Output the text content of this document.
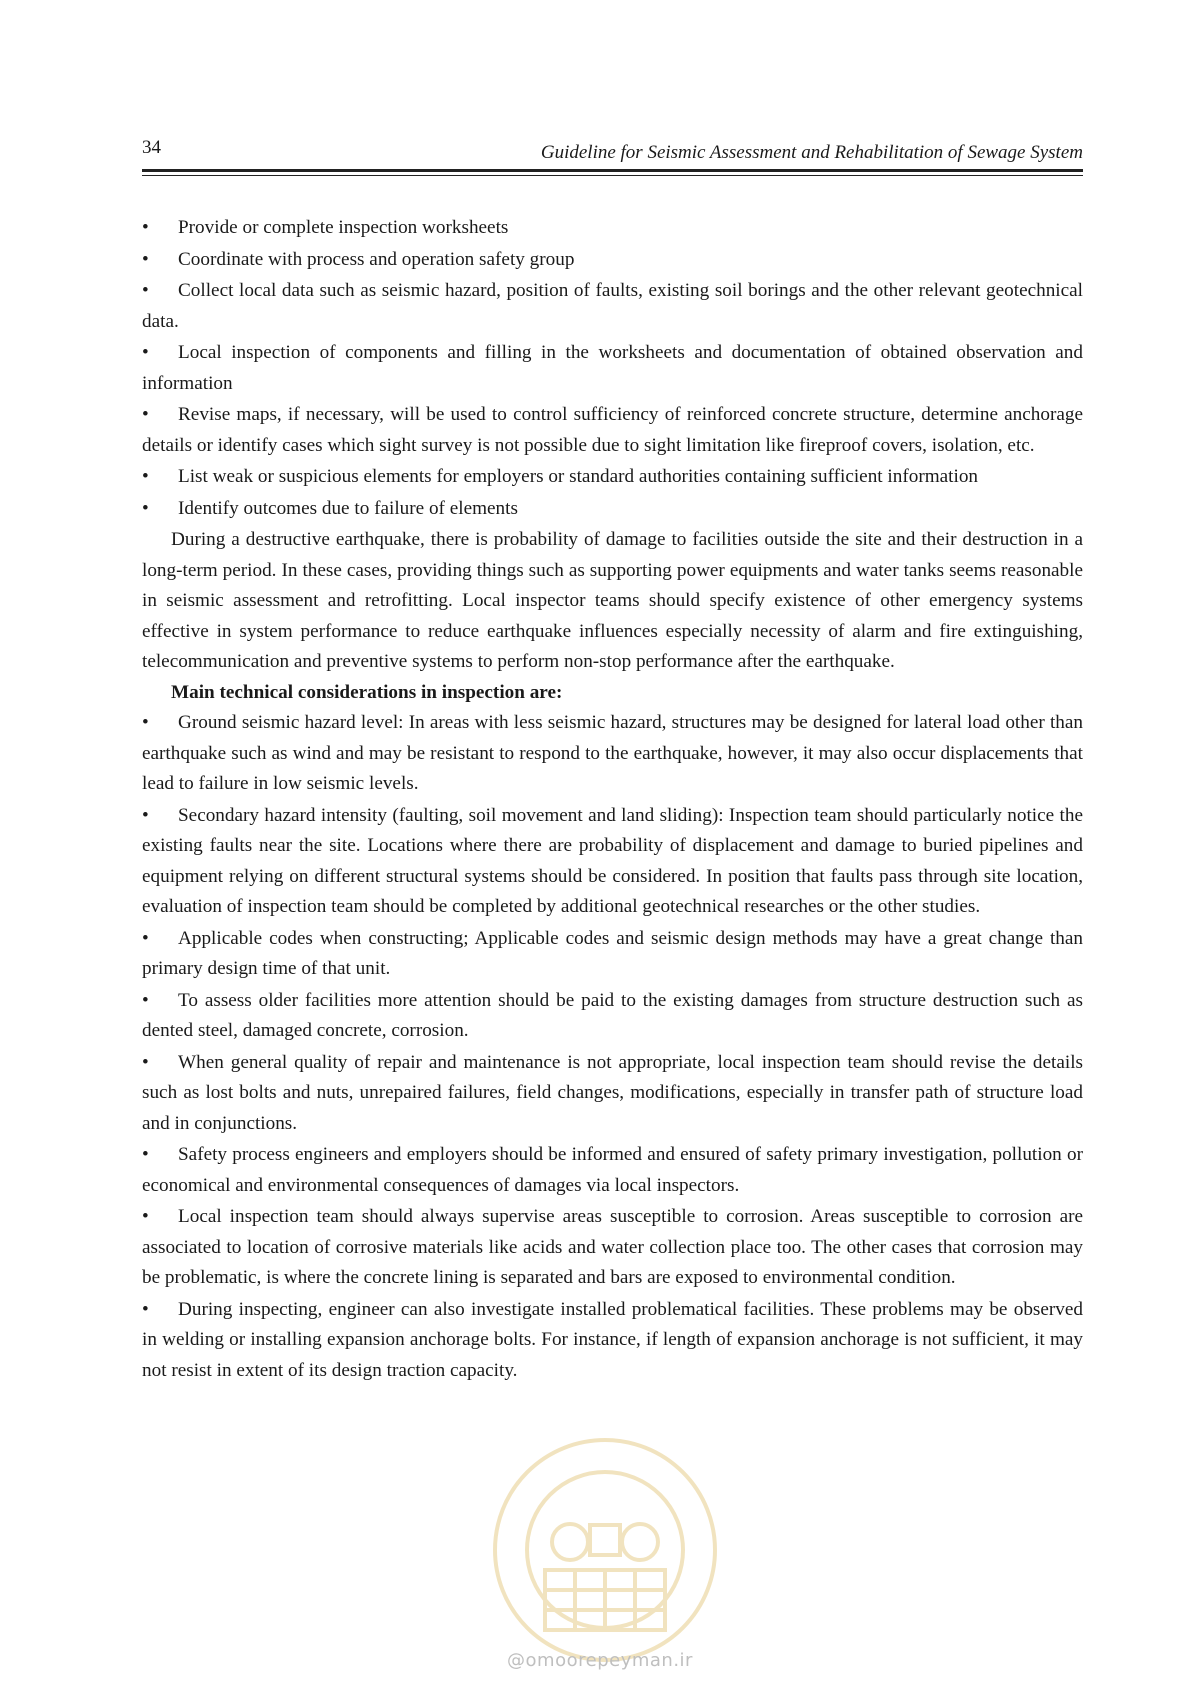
34	Guideline for Seismic Assessment and Rehabilitation of Sewage System

•	Provide or complete inspection worksheets

•	Coordinate with process and operation safety group

•	Collect local data such as seismic hazard, position of faults, existing soil borings and the other relevant geotechnical data.

•	Local inspection of components and filling in the worksheets and documentation of obtained observation and information

•	Revise maps, if necessary, will be used to control sufficiency of reinforced concrete structure, determine anchorage details or identify cases which sight survey is not possible due to sight limitation like fireproof covers, isolation, etc.

•	List weak or suspicious elements for employers or standard authorities containing sufficient information

•	Identify outcomes due to failure of elements

During a destructive earthquake, there is probability of damage to facilities outside the site and their destruction in a long-term period. In these cases, providing things such as supporting power equipments and water tanks seems reasonable in seismic assessment and retrofitting. Local inspector teams should specify existence of other emergency systems effective in system performance to reduce earthquake influences especially necessity of alarm and fire extinguishing, telecommunication and preventive systems to perform non-stop performance after the earthquake.

Main technical considerations in inspection are:

•	Ground seismic hazard level: In areas with less seismic hazard, structures may be designed for lateral load other than earthquake such as wind and may be resistant to respond to the earthquake, however, it may also occur displacements that lead to failure in low seismic levels.

•	Secondary hazard intensity (faulting, soil movement and land sliding): Inspection team should particularly notice the existing faults near the site. Locations where there are probability of displacement and damage to buried pipelines and equipment relying on different structural systems should be considered. In position that faults pass through site location, evaluation of inspection team should be completed by additional geotechnical researches or the other studies.

•	Applicable codes when constructing; Applicable codes and seismic design methods may have a great change than primary design time of that unit.

•	To assess older facilities more attention should be paid to the existing damages from structure destruction such as dented steel, damaged concrete, corrosion.

•	When general quality of repair and maintenance is not appropriate, local inspection team should revise the details such as lost bolts and nuts, unrepaired failures, field changes, modifications, especially in transfer path of structure load and in conjunctions.

•	Safety process engineers and employers should be informed and ensured of safety primary investigation, pollution or economical and environmental consequences of damages via local inspectors.

•	Local inspection team should always supervise areas susceptible to corrosion. Areas susceptible to corrosion are associated to location of corrosive materials like acids and water collection place too. The other cases that corrosion may be problematic, is where the concrete lining is separated and bars are exposed to environmental condition.

•	During inspecting, engineer can also investigate installed problematical facilities. These problems may be observed in welding or installing expansion anchorage bolts. For instance, if length of expansion anchorage is not sufficient, it may not resist in extent of its design traction capacity.

@omoorepeyman.ir
